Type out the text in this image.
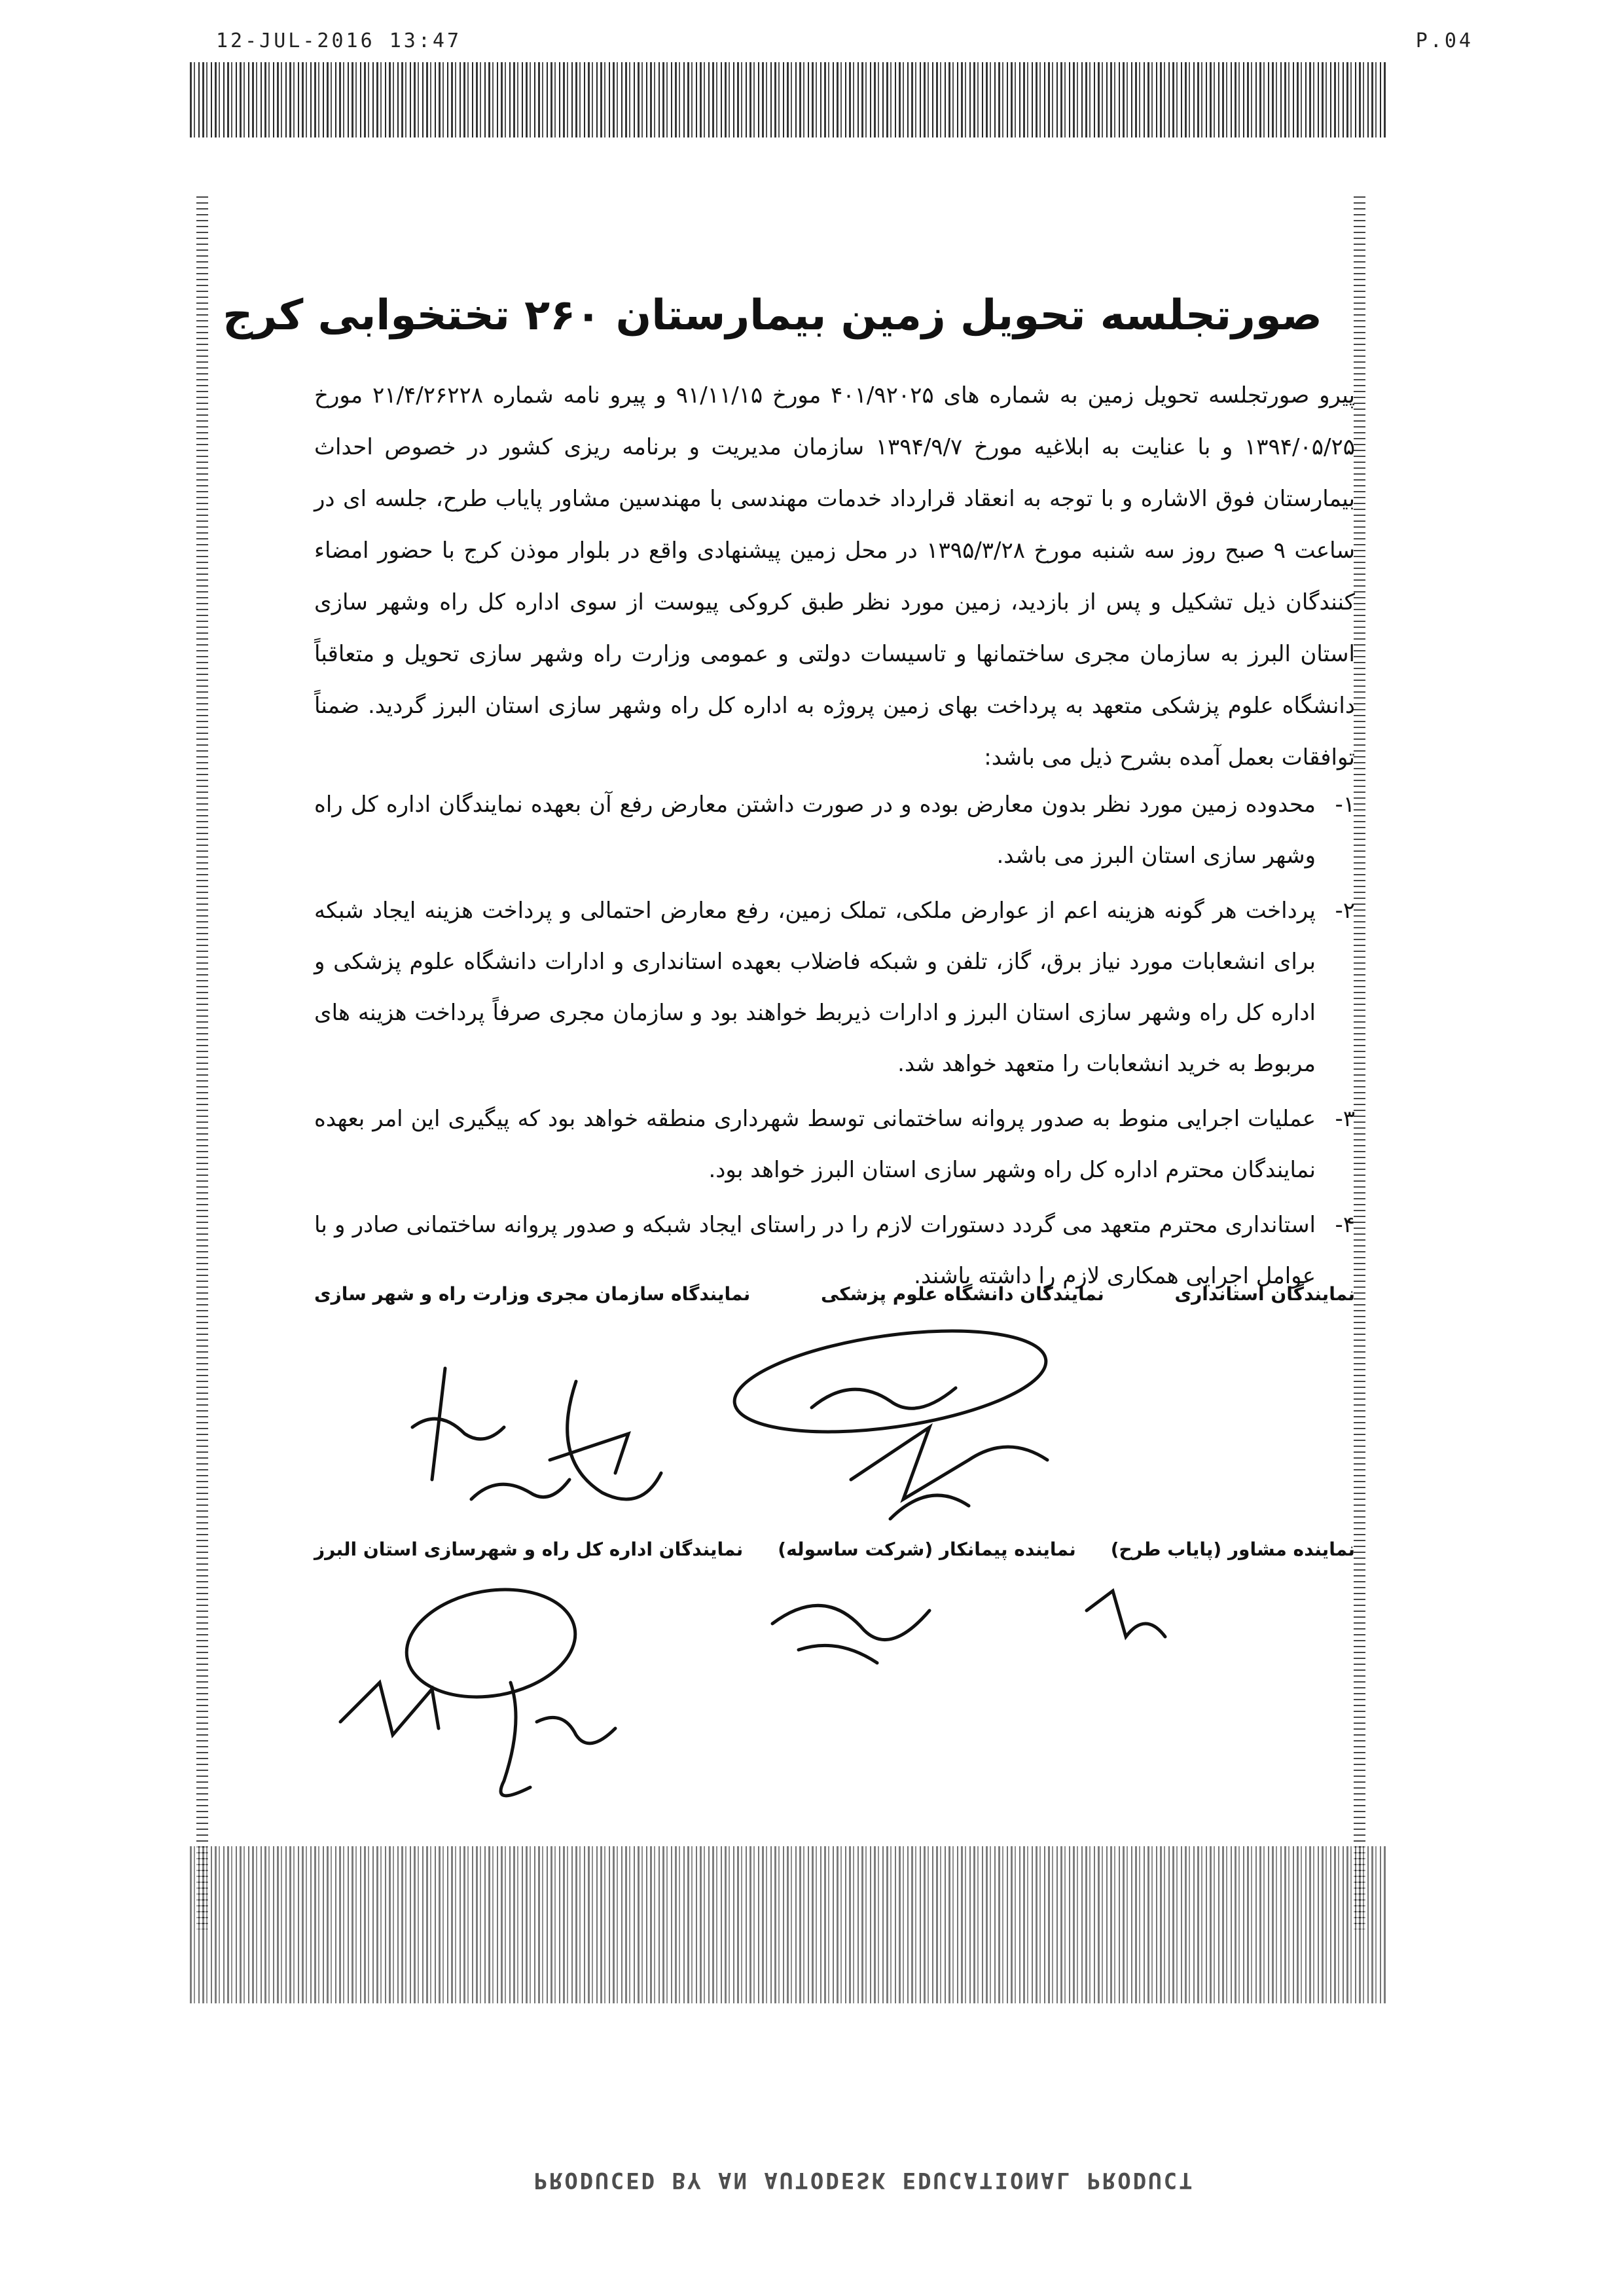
12-JUL-2016 13:47	P.04
صورتجلسه تحویل زمین بیمارستان ۲۶۰ تختخوابی کرج
پیرو صورتجلسه تحویل زمین به شماره های ۴۰۱/۹۲۰۲۵ مورخ ۹۱/۱۱/۱۵ و پیرو نامه شماره ۲۱/۴/۲۶۲۲۸ مورخ ۱۳۹۴/۰۵/۲۵ و با عنایت به ابلاغیه مورخ ۱۳۹۴/۹/۷ سازمان مدیریت و برنامه ریزی کشور در خصوص احداث بیمارستان فوق الاشاره و با توجه به انعقاد قرارداد خدمات مهندسی با مهندسین مشاور پایاب طرح، جلسه ای در ساعت ۹ صبح روز سه شنبه مورخ ۱۳۹۵/۳/۲۸ در محل زمین پیشنهادی واقع در بلوار موذن کرج با حضور امضاء کنندگان ذیل تشکیل و پس از بازدید، زمین مورد نظر طبق کروکی پیوست از سوی اداره کل راه وشهر سازی استان البرز به سازمان مجری ساختمانها و تاسیسات دولتی و عمومی وزارت راه وشهر سازی تحویل و متعاقباً دانشگاه علوم پزشکی متعهد به پرداخت بهای زمین پروژه به اداره کل راه وشهر سازی استان البرز گردید. ضمناً توافقات بعمل آمده بشرح ذیل می باشد:
۱-
محدوده زمین مورد نظر بدون معارض بوده و در صورت داشتن معارض رفع آن بعهده نمایندگان اداره کل راه وشهر سازی استان البرز می باشد.
۲-
پرداخت هر گونه هزینه اعم از عوارض ملکی، تملک زمین، رفع معارض احتمالی و پرداخت هزینه ایجاد شبکه برای انشعابات مورد نیاز برق، گاز، تلفن و شبکه فاضلاب بعهده استانداری و ادارات دانشگاه علوم پزشکی و اداره کل راه وشهر سازی استان البرز و ادارات ذیربط خواهند بود و سازمان مجری صرفاً پرداخت هزینه های مربوط به خرید انشعابات را متعهد خواهد شد.
۳-
عملیات اجرایی منوط به صدور پروانه ساختمانی توسط شهرداری منطقه خواهد بود که پیگیری این امر بعهده نمایندگان محترم اداره کل راه وشهر سازی استان البرز خواهد بود.
۴-
استانداری محترم متعهد می گردد دستورات لازم را در راستای ایجاد شبکه و صدور پروانه ساختمانی صادر و با عوامل اجرایی همکاری لازم را داشته باشند.
نمایندگان استانداری
نمایندگان دانشگاه علوم پزشکی
نمایندگاه سازمان مجری وزارت راه و شهر سازی
نماینده مشاور (پایاب طرح)
نماینده پیمانکار (شرکت ساسوله)
نمایندگان اداره کل راه و شهرسازی استان البرز
PRODUCED BY AN AUTODESK EDUCATIONAL PRODUCT
